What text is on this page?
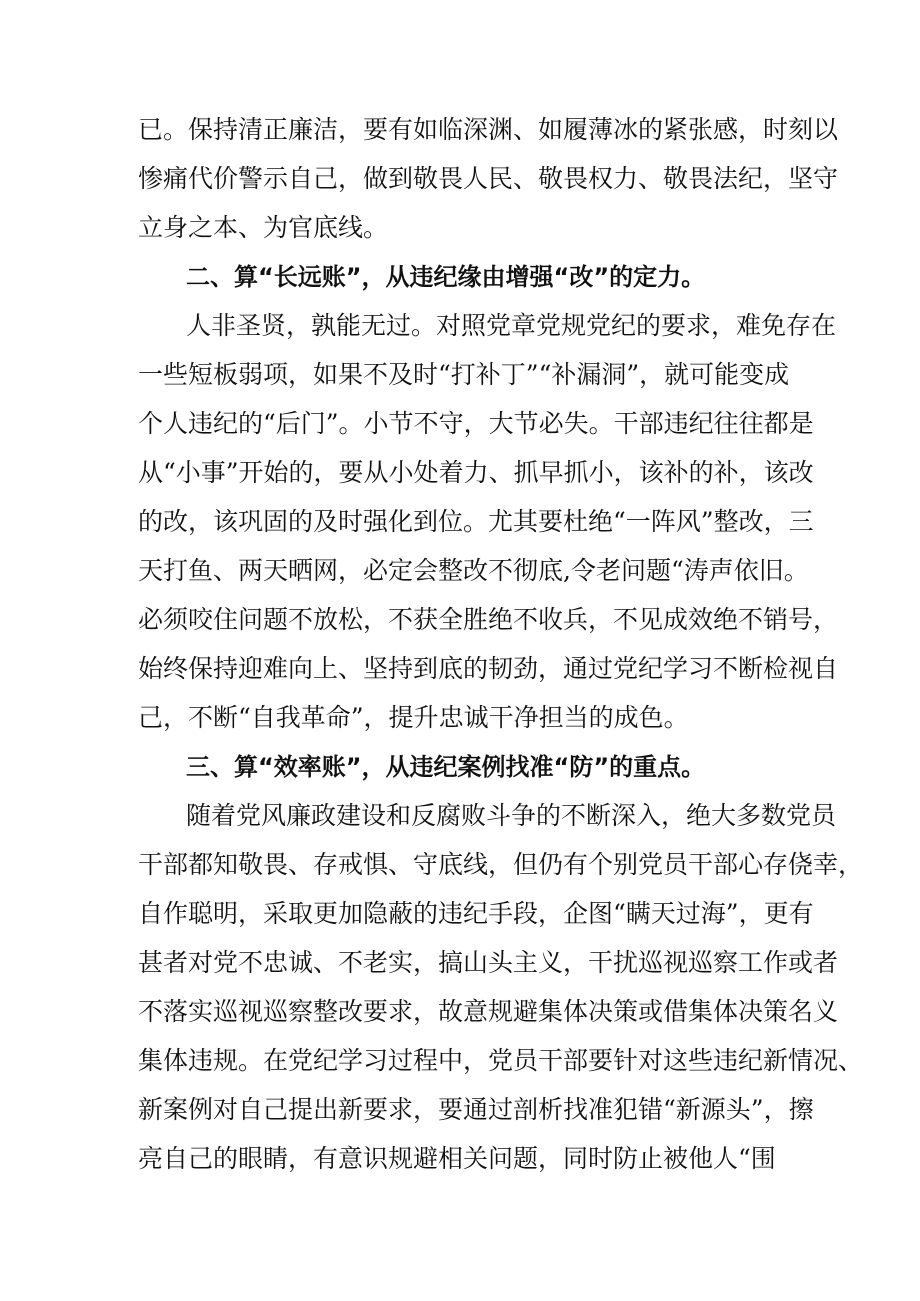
已。保持清正廉洁，要有如临深渊、如履薄冰的紧张感，时刻以
惨痛代价警示自己，做到敬畏人民、敬畏权力、敬畏法纪，坚守
立身之本、为官底线。
二、算“长远账”，从违纪缘由增强“改”的定力。
人非圣贤，孰能无过。对照党章党规党纪的要求，难免存在
一些短板弱项，如果不及时“打补丁”“补漏洞”，就可能变成
个人违纪的“后门”。小节不守，大节必失。干部违纪往往都是
从“小事”开始的，要从小处着力、抓早抓小，该补的补，该改
的改，该巩固的及时强化到位。尤其要杜绝“一阵风”整改，三
天打鱼、两天晒网，必定会整改不彻底,令老问题“涛声依旧。
必须咬住问题不放松，不获全胜绝不收兵，不见成效绝不销号，
始终保持迎难向上、坚持到底的韧劲，通过党纪学习不断检视自
己，不断“自我革命”，提升忠诚干净担当的成色。
三、算“效率账”，从违纪案例找准“防”的重点。
随着党风廉政建设和反腐败斗争的不断深入，绝大多数党员
干部都知敬畏、存戒惧、守底线，但仍有个别党员干部心存侥幸，
自作聪明，采取更加隐蔽的违纪手段，企图“瞒天过海”，更有
甚者对党不忠诚、不老实，搞山头主义，干扰巡视巡察工作或者
不落实巡视巡察整改要求，故意规避集体决策或借集体决策名义
集体违规。在党纪学习过程中，党员干部要针对这些违纪新情况、
新案例对自己提出新要求，要通过剖析找准犯错“新源头”，擦
亮自己的眼睛，有意识规避相关问题，同时防止被他人“围
